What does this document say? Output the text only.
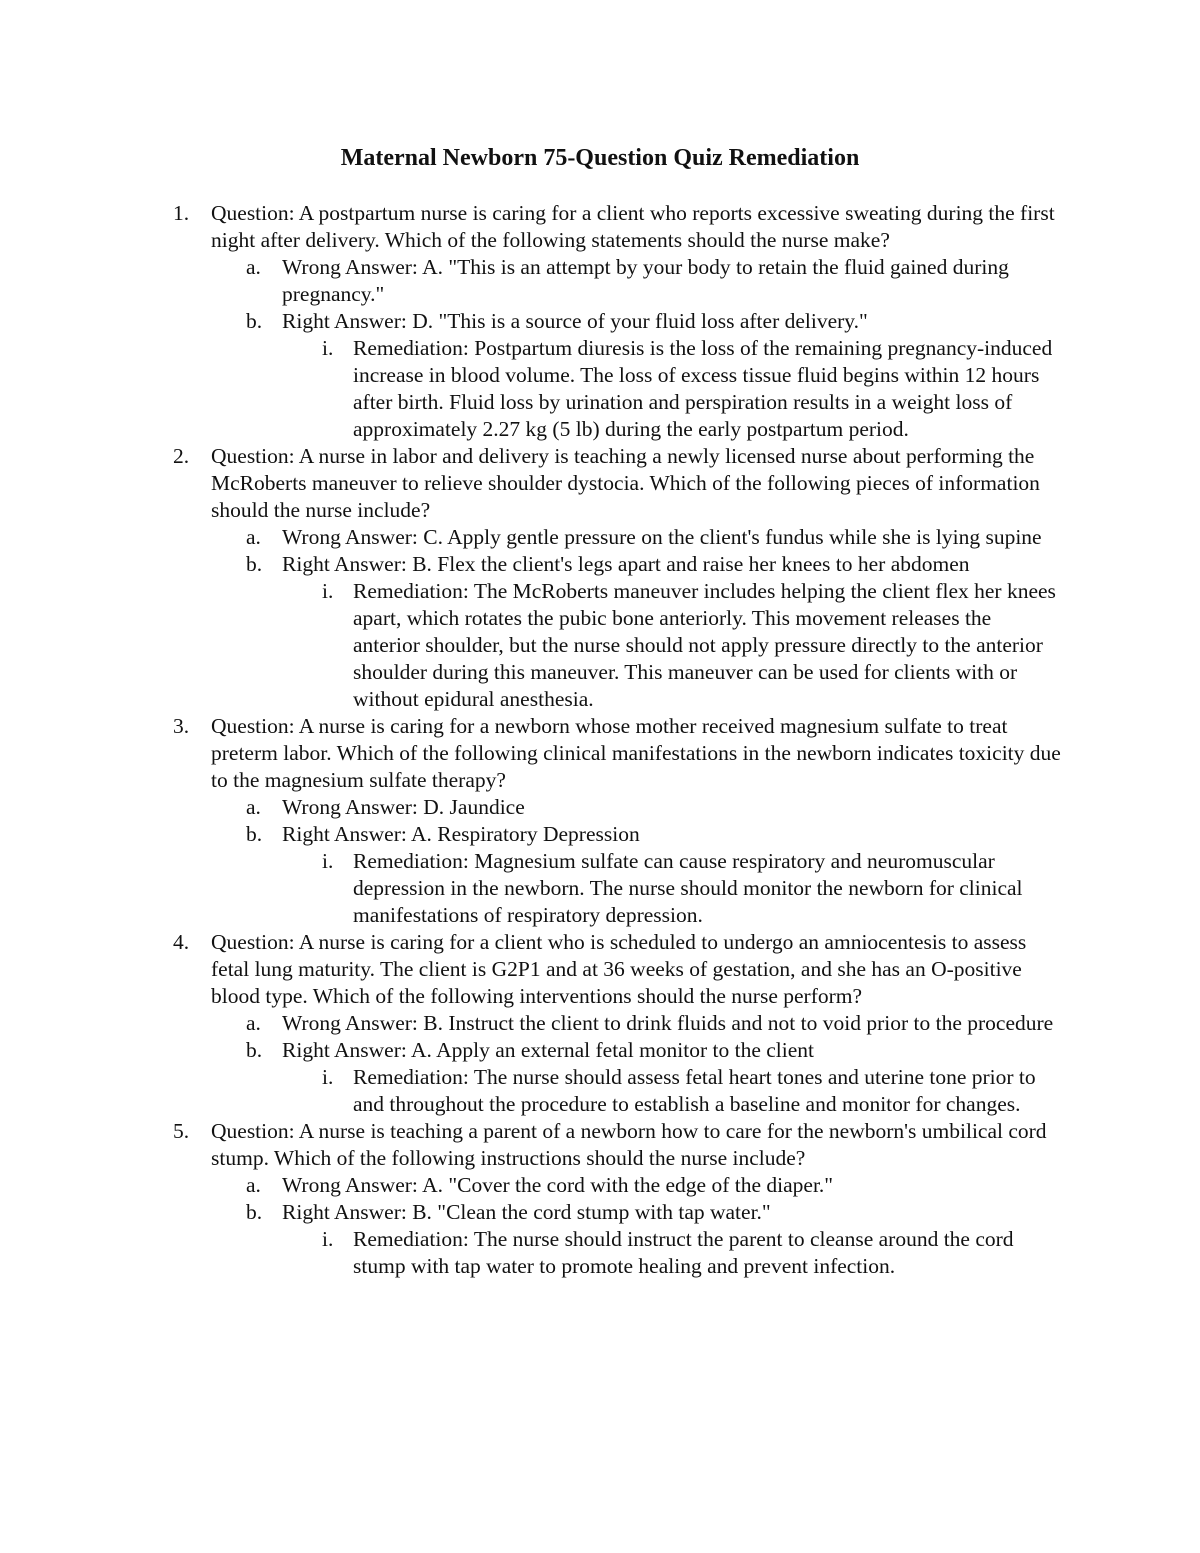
Maternal Newborn 75-Question Quiz Remediation
1. Question: A postpartum nurse is caring for a client who reports excessive sweating during the first night after delivery. Which of the following statements should the nurse make?
a. Wrong Answer: A. "This is an attempt by your body to retain the fluid gained during pregnancy."
b. Right Answer: D. "This is a source of your fluid loss after delivery."
i. Remediation: Postpartum diuresis is the loss of the remaining pregnancy-induced increase in blood volume. The loss of excess tissue fluid begins within 12 hours after birth. Fluid loss by urination and perspiration results in a weight loss of approximately 2.27 kg (5 lb) during the early postpartum period.
2. Question: A nurse in labor and delivery is teaching a newly licensed nurse about performing the McRoberts maneuver to relieve shoulder dystocia. Which of the following pieces of information should the nurse include?
a. Wrong Answer: C. Apply gentle pressure on the client's fundus while she is lying supine
b. Right Answer: B. Flex the client's legs apart and raise her knees to her abdomen
i. Remediation: The McRoberts maneuver includes helping the client flex her knees apart, which rotates the pubic bone anteriorly. This movement releases the anterior shoulder, but the nurse should not apply pressure directly to the anterior shoulder during this maneuver. This maneuver can be used for clients with or without epidural anesthesia.
3. Question: A nurse is caring for a newborn whose mother received magnesium sulfate to treat preterm labor. Which of the following clinical manifestations in the newborn indicates toxicity due to the magnesium sulfate therapy?
a. Wrong Answer: D. Jaundice
b. Right Answer: A. Respiratory Depression
i. Remediation: Magnesium sulfate can cause respiratory and neuromuscular depression in the newborn. The nurse should monitor the newborn for clinical manifestations of respiratory depression.
4. Question: A nurse is caring for a client who is scheduled to undergo an amniocentesis to assess fetal lung maturity. The client is G2P1 and at 36 weeks of gestation, and she has an O-positive blood type. Which of the following interventions should the nurse perform?
a. Wrong Answer: B. Instruct the client to drink fluids and not to void prior to the procedure
b. Right Answer: A. Apply an external fetal monitor to the client
i. Remediation: The nurse should assess fetal heart tones and uterine tone prior to and throughout the procedure to establish a baseline and monitor for changes.
5. Question: A nurse is teaching a parent of a newborn how to care for the newborn's umbilical cord stump. Which of the following instructions should the nurse include?
a. Wrong Answer: A. "Cover the cord with the edge of the diaper."
b. Right Answer: B. "Clean the cord stump with tap water."
i. Remediation: The nurse should instruct the parent to cleanse around the cord stump with tap water to promote healing and prevent infection.
